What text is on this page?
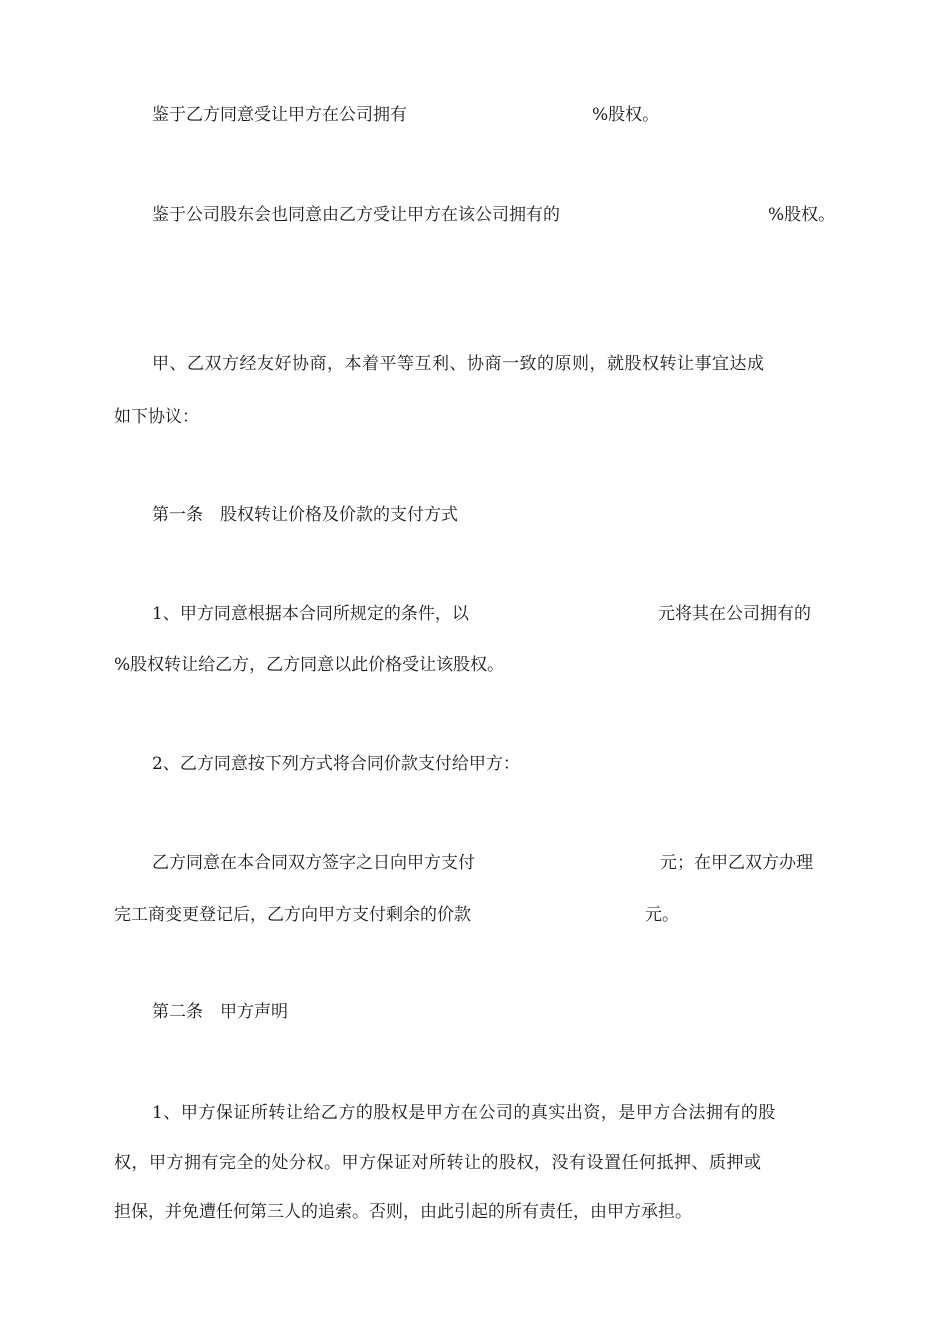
鉴于乙方同意受让甲方在公司拥有	%股权。
鉴于公司股东会也同意由乙方受让甲方在该公司拥有的	%股权。
甲、乙双方经友好协商，本着平等互利、协商一致的原则，就股权转让事宜达成
如下协议：
第一条　股权转让价格及价款的支付方式
1、甲方同意根据本合同所规定的条件，以	元将其在公司拥有的
%股权转让给乙方，乙方同意以此价格受让该股权。
2、乙方同意按下列方式将合同价款支付给甲方：
乙方同意在本合同双方签字之日向甲方支付	元；在甲乙双方办理
完工商变更登记后，乙方向甲方支付剩余的价款	元。
第二条　甲方声明
1、甲方保证所转让给乙方的股权是甲方在公司的真实出资，是甲方合法拥有的股
权，甲方拥有完全的处分权。甲方保证对所转让的股权，没有设置任何抵押、质押或
担保，并免遭任何第三人的追索。否则，由此引起的所有责任，由甲方承担。
